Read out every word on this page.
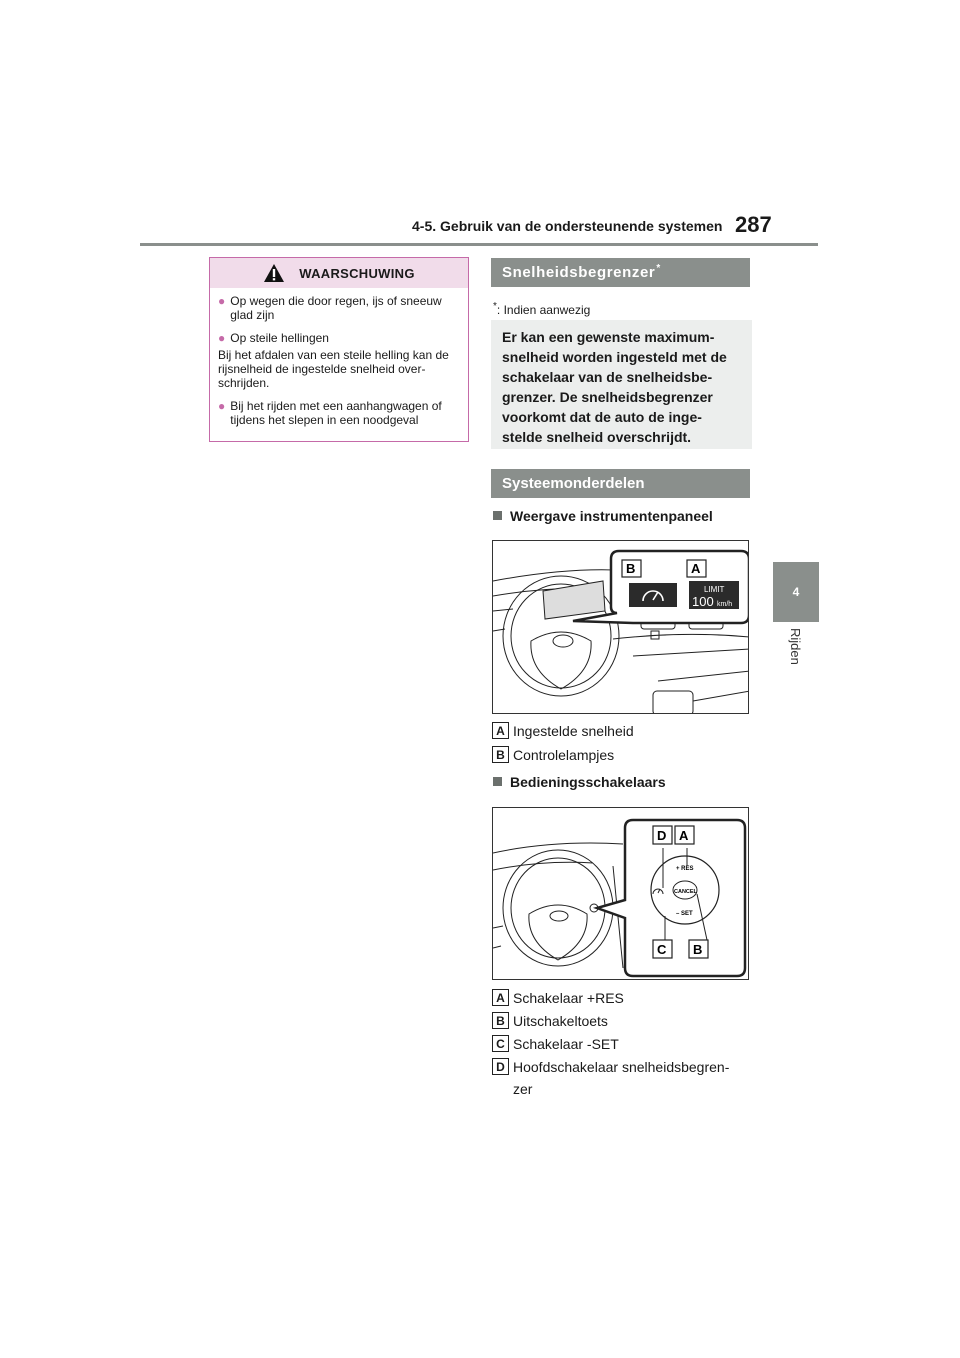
4-5. Gebruik van de ondersteunende systemen 287
4
Rijden
WAARSCHUWING
● Op wegen die door regen, ijs of sneeuw glad zijn
● Op steile hellingen
Bij het afdalen van een steile helling kan de rijsnelheid de ingestelde snelheid over-schrijden.
● Bij het rijden met een aanhangwagen of tijdens het slepen in een noodgeval
Snelheidsbegrenzer*
*: Indien aanwezig
Er kan een gewenste maximum-snelheid worden ingesteld met de schakelaar van de snelheidsbe-grenzer. De snelheidsbegrenzer voorkomt dat de auto de inge-stelde snelheid overschrijdt.
Systeemonderdelen
Weergave instrumentenpaneel
LIMIT
100 km/h
B	A
A Ingestelde snelheid
B Controlelampjes
Bedieningsschakelaars
CANCEL
+ RES
– SET
D A
C B
A Schakelaar +RES
B Uitschakeltoets
C Schakelaar -SET
D Hoofdschakelaar snelheidsbegren-
zer
